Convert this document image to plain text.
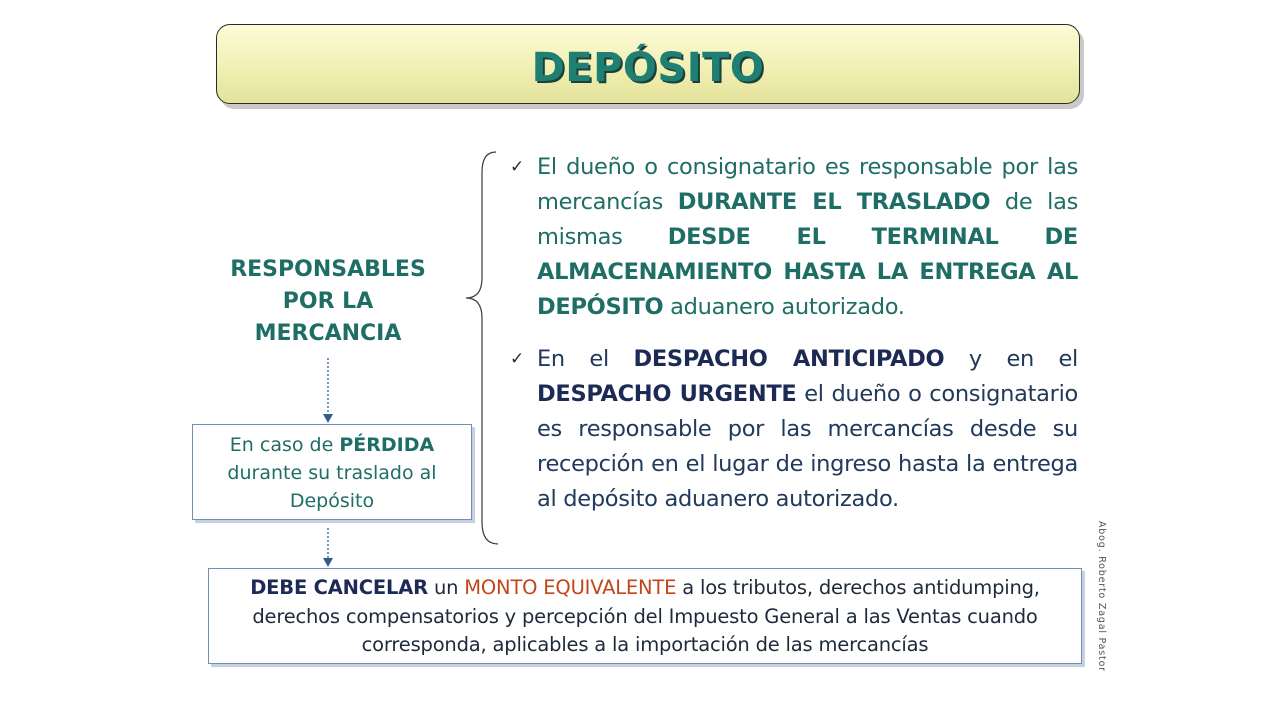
DEPÓSITO
RESPONSABLES
POR LA
MERCANCIA

✓ El dueño o consignatario es responsable por las mercancías DURANTE EL TRASLADO de las mismas DESDE EL TERMINAL DE ALMACENAMIENTO HASTA LA ENTREGA AL DEPÓSITO aduanero autorizado.

✓ En el DESPACHO ANTICIPADO y en el DESPACHO URGENTE el dueño o consignatario es responsable por las mercancías desde su recepción en el lugar de ingreso hasta la entrega al depósito aduanero autorizado.

En caso de PÉRDIDA durante su traslado al Depósito
DEBE CANCELAR un MONTO EQUIVALENTE a los tributos, derechos antidumping, derechos compensatorios y percepción del Impuesto General a las Ventas cuando corresponda, aplicables a la importación de las mercancías	Abog. Roberto Zagal Pastor
